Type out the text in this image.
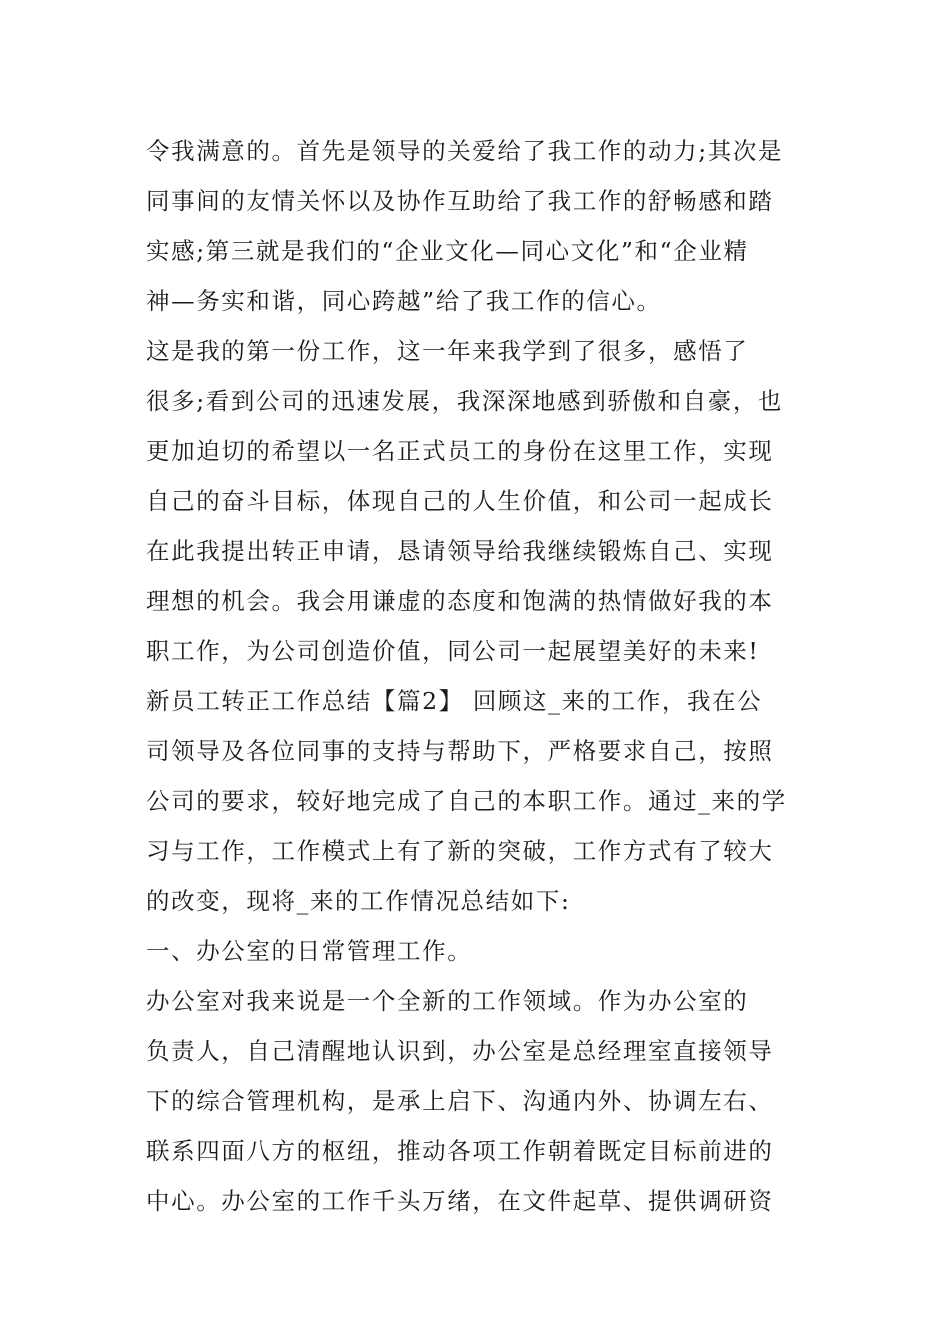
令我满意的。首先是领导的关爱给了我工作的动力;其次是
同事间的友情关怀以及协作互助给了我工作的舒畅感和踏
实感;第三就是我们的“企业文化—同心文化”和“企业精
神—务实和谐，同心跨越”给了我工作的信心。
这是我的第一份工作，这一年来我学到了很多，感悟了
很多;看到公司的迅速发展，我深深地感到骄傲和自豪，也
更加迫切的希望以一名正式员工的身份在这里工作，实现
自己的奋斗目标，体现自己的人生价值，和公司一起成长
在此我提出转正申请，恳请领导给我继续锻炼自己、实现
理想的机会。我会用谦虚的态度和饱满的热情做好我的本
职工作，为公司创造价值，同公司一起展望美好的未来!
新员工转正工作总结【篇2】 回顾这_来的工作，我在公
司领导及各位同事的支持与帮助下，严格要求自己，按照
公司的要求，较好地完成了自己的本职工作。通过_来的学
习与工作，工作模式上有了新的突破，工作方式有了较大
的改变，现将_来的工作情况总结如下:
一、办公室的日常管理工作。
办公室对我来说是一个全新的工作领域。作为办公室的
负责人，自己清醒地认识到，办公室是总经理室直接领导
下的综合管理机构，是承上启下、沟通内外、协调左右、
联系四面八方的枢纽，推动各项工作朝着既定目标前进的
中心。办公室的工作千头万绪，在文件起草、提供调研资
